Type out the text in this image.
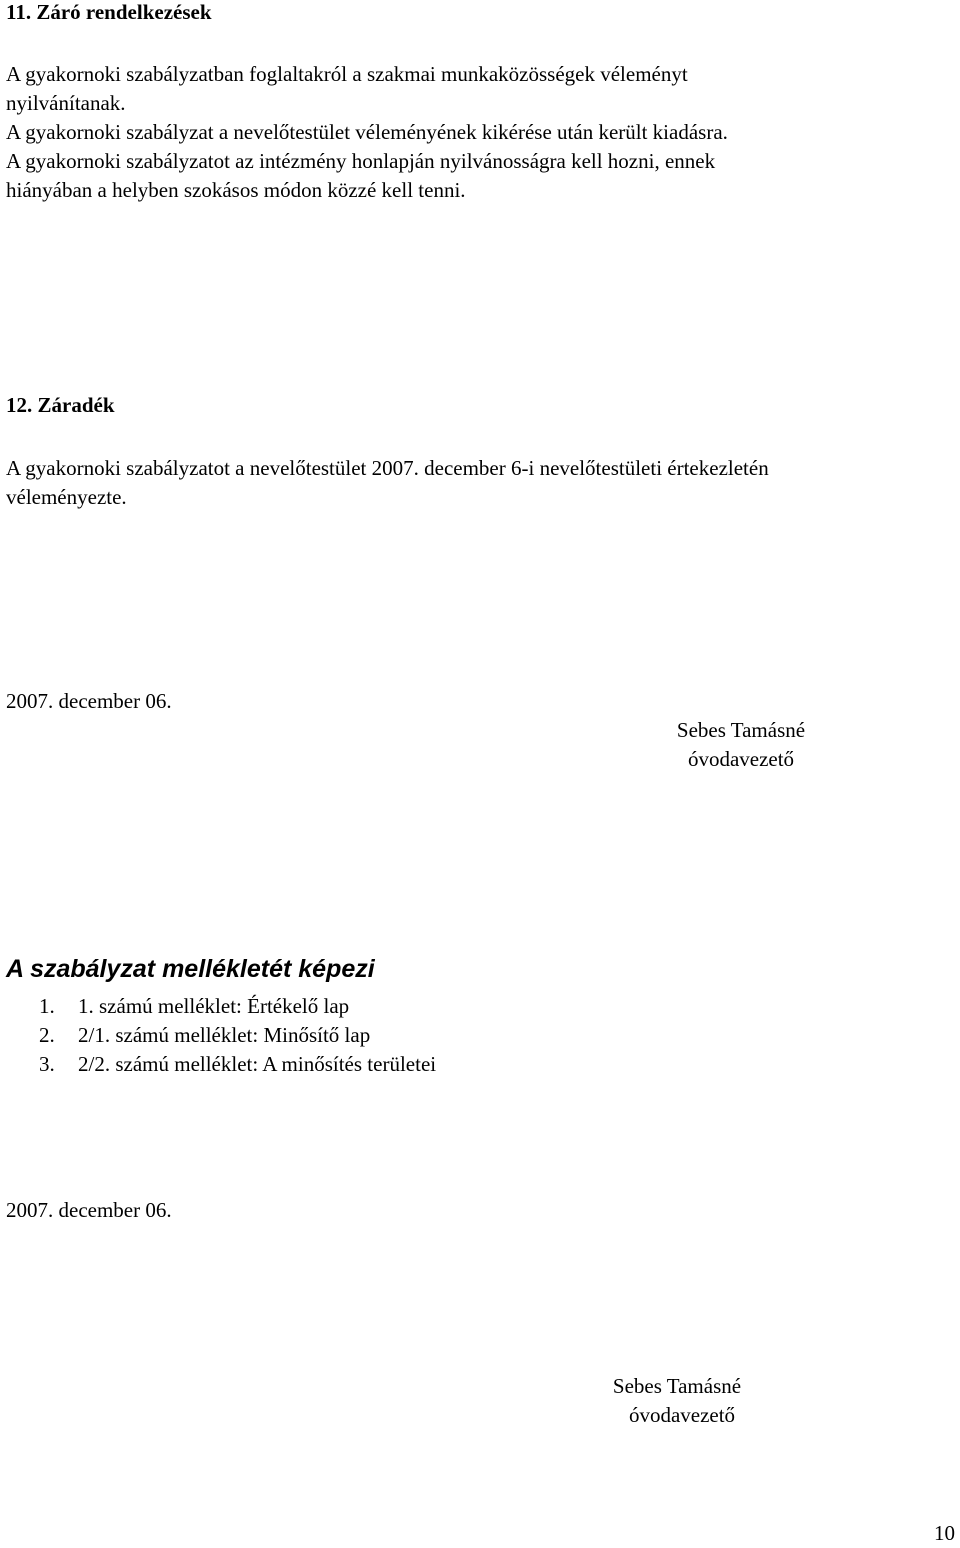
11. Záró rendelkezések
A gyakornoki szabályzatban foglaltakról a szakmai munkaközösségek véleményt
nyilvánítanak.
A gyakornoki szabályzat a nevelőtestület véleményének kikérése után került kiadásra.
A gyakornoki szabályzatot az intézmény honlapján nyilvánosságra kell hozni, ennek
hiányában a helyben szokásos módon közzé kell tenni.
12. Záradék
A gyakornoki szabályzatot a nevelőtestület 2007. december 6-i nevelőtestületi értekezletén
véleményezte.
2007. december 06.
Sebes Tamásné
óvodavezető
A szabályzat mellékletét képezi
1. 1. számú melléklet: Értékelő lap
2. 2/1. számú melléklet: Minősítő lap
3. 2/2. számú melléklet: A minősítés területei
2007. december 06.
Sebes Tamásné
óvodavezető
10
